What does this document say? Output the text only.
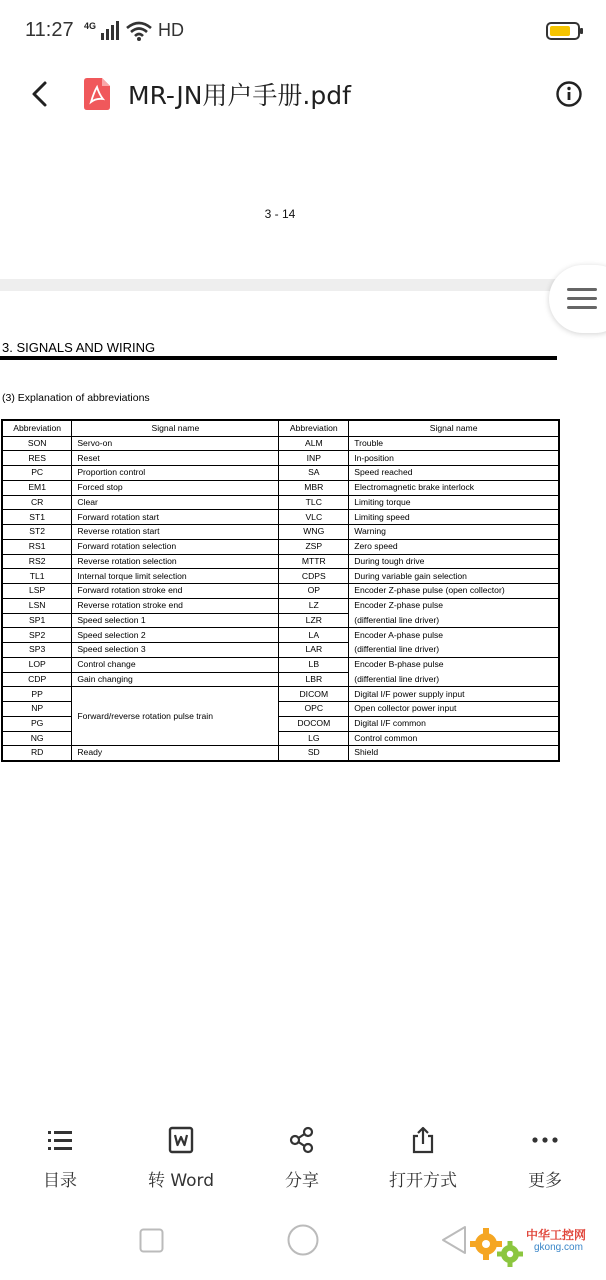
11:27 4G	HD
MR-JN用户手册.pdf
3 - 14
3. SIGNALS AND WIRING
(3) Explanation of abbreviations
Abbreviation	Signal name	Abbreviation	Signal name
SON	Servo-on	ALM	Trouble
RES	Reset	INP	In-position
PC	Proportion control	SA	Speed reached
EM1	Forced stop	MBR	Electromagnetic brake interlock
CR	Clear	TLC	Limiting torque
ST1	Forward rotation start	VLC	Limiting speed
ST2	Reverse rotation start	WNG	Warning
RS1	Forward rotation selection	ZSP	Zero speed
RS2	Reverse rotation selection	MTTR	During tough drive
TL1	Internal torque limit selection	CDPS	During variable gain selection
LSP	Forward rotation stroke end	OP	Encoder Z-phase pulse (open collector)
LSN	Reverse rotation stroke end	LZ	Encoder Z-phase pulse
SP1	Speed selection 1	LZR	(differential line driver)
SP2	Speed selection 2	LA	Encoder A-phase pulse
SP3	Speed selection 3	LAR	(differential line driver)
LOP	Control change	LB	Encoder B-phase pulse
CDP	Gain changing	LBR	(differential line driver)
PP	Forward/reverse rotation pulse train	DICOM	Digital I/F power supply input
NP		OPC	Open collector power input
PG		DOCOM	Digital I/F common
NG		LG	Control common
RD	Ready	SD	Shield
目录	转 Word	分享	打开方式	更多
中华工控网
gkong.com
